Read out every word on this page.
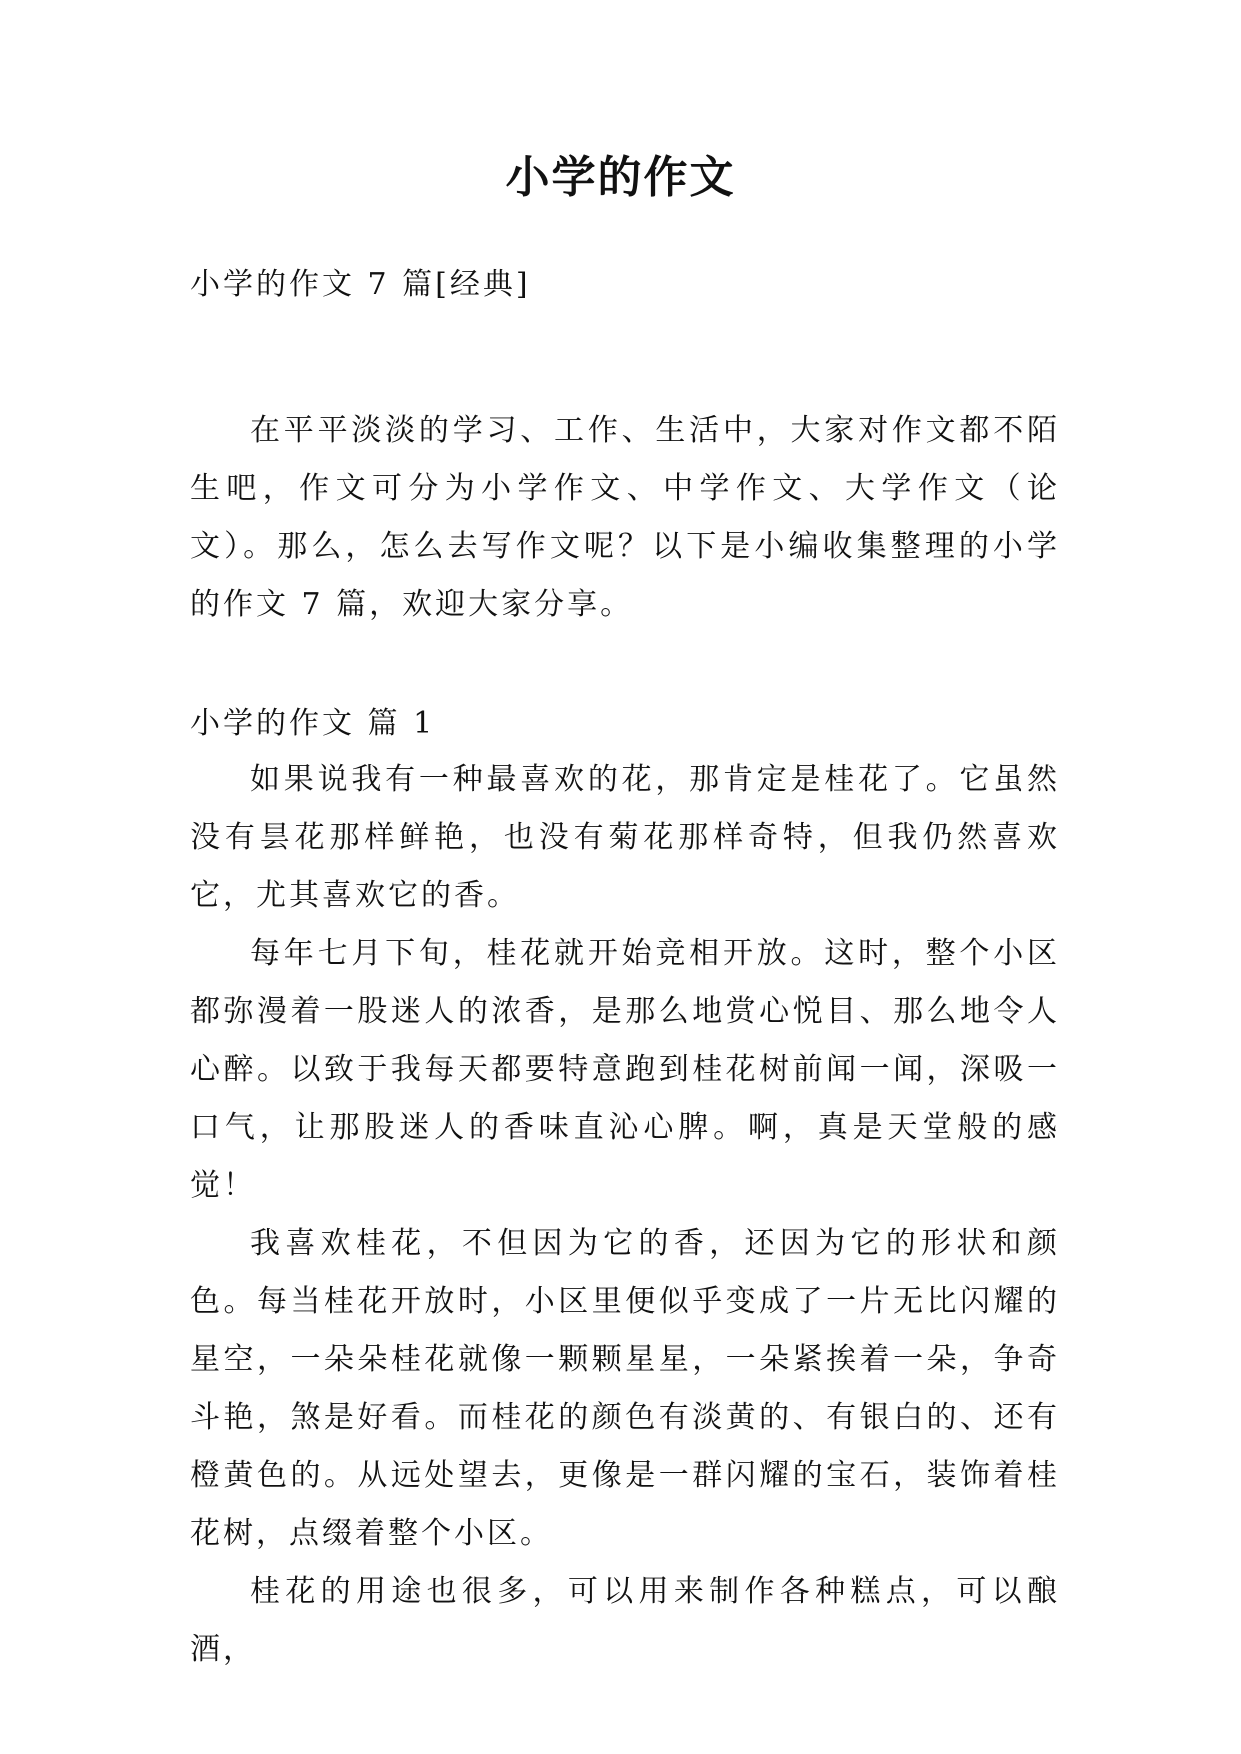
小学的作文
小学的作文 7 篇[经典]

在平平淡淡的学习、工作、生活中，大家对作文都不陌生吧，作文可分为小学作文、中学作文、大学作文（论文）。那么，怎么去写作文呢？以下是小编收集整理的小学的作文 7 篇，欢迎大家分享。

小学的作文 篇 1

如果说我有一种最喜欢的花，那肯定是桂花了。它虽然没有昙花那样鲜艳，也没有菊花那样奇特，但我仍然喜欢它，尤其喜欢它的香。

每年七月下旬，桂花就开始竞相开放。这时，整个小区都弥漫着一股迷人的浓香，是那么地赏心悦目、那么地令人心醉。以致于我每天都要特意跑到桂花树前闻一闻，深吸一口气，让那股迷人的香味直沁心脾。啊，真是天堂般的感觉！

我喜欢桂花，不但因为它的香，还因为它的形状和颜色。每当桂花开放时，小区里便似乎变成了一片无比闪耀的星空，一朵朵桂花就像一颗颗星星，一朵紧挨着一朵，争奇斗艳，煞是好看。而桂花的颜色有淡黄的、有银白的、还有橙黄色的。从远处望去，更像是一群闪耀的宝石，装饰着桂花树，点缀着整个小区。

桂花的用途也很多，可以用来制作各种糕点，可以酿酒，
